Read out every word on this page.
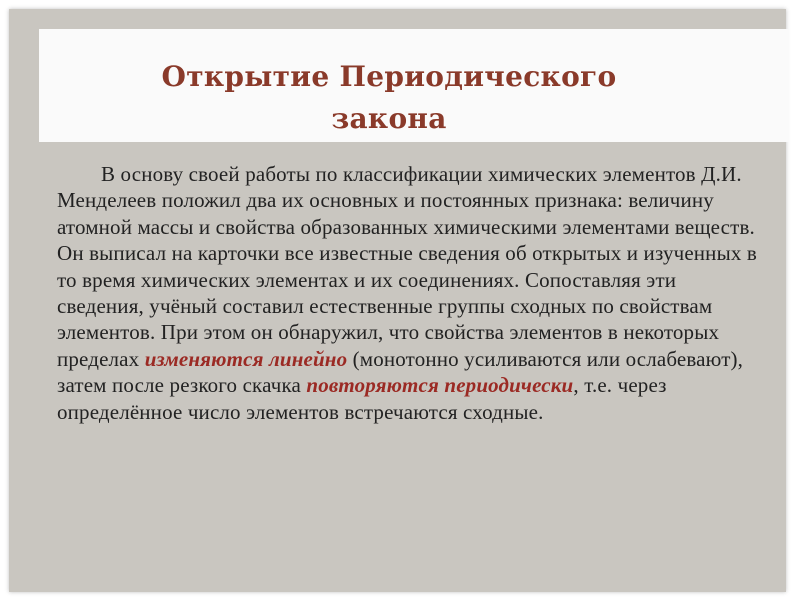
Открытие Периодического
закона

В основу своей работы по классификации химических элементов Д.И. Менделеев положил два их основных и постоянных признака: величину атомной массы и свойства образованных химическими элементами веществ. Он выписал на карточки все известные сведения об открытых и изученных в то время химических элементах и их соединениях. Сопоставляя эти сведения, учёный составил естественные группы сходных по свойствам элементов. При этом он обнаружил, что свойства элементов в некоторых пределах изменяются линейно (монотонно усиливаются или ослабевают), затем после резкого скачка повторяются периодически, т.е. через определённое число элементов встречаются сходные.
